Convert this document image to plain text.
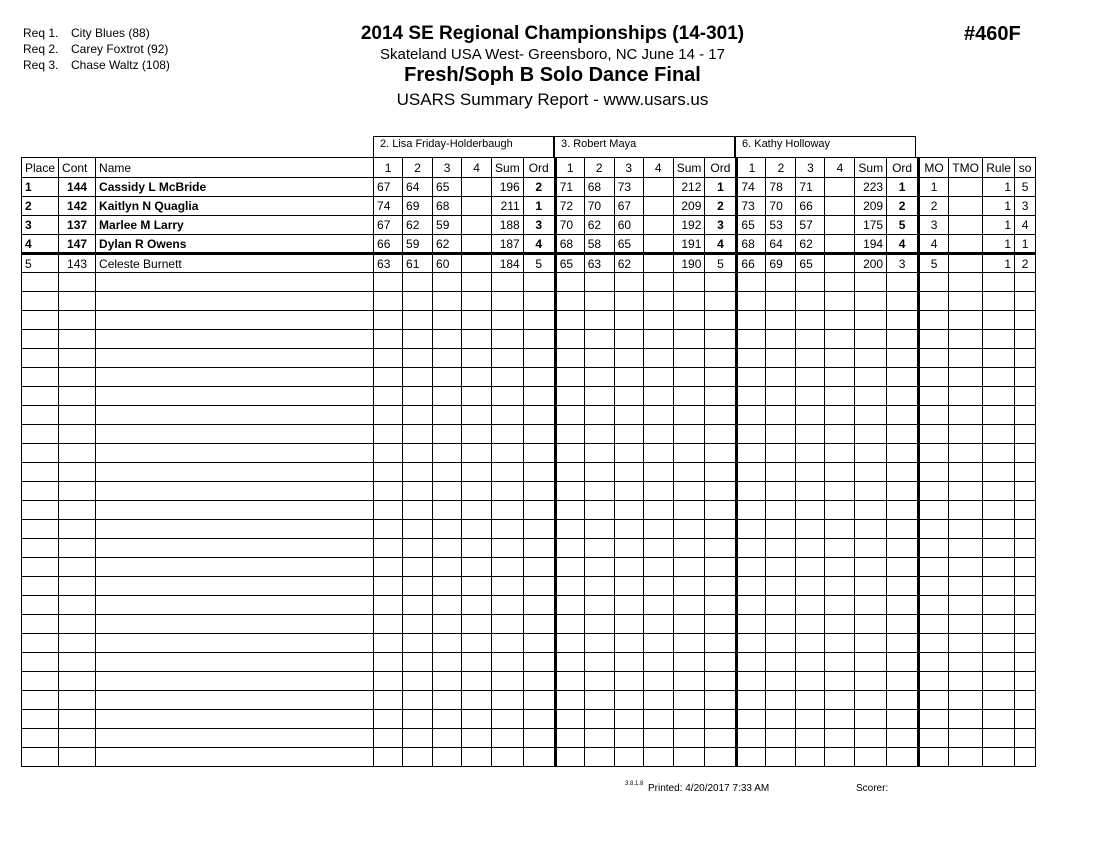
Req 1. City Blues (88)
Req 2. Carey Foxtrot (92)
Req 3. Chase Waltz (108)
2014 SE Regional Championships (14-301)
Skateland USA West- Greensboro, NC June 14 - 17
Fresh/Soph B Solo Dance Final
USARS Summary Report - www.usars.us
#460F
2. Lisa Friday-Holderbaugh	3. Robert Maya	6. Kathy Holloway
Place	Cont	Name	1	2	3	4	Sum	Ord	1	2	3	4	Sum	Ord	1	2	3	4	Sum	Ord	MO	TMO	Rule	so
1	144	Cassidy L McBride	67	64	65		196	2	71	68	73		212	1	74	78	71		223	1	1		1	5
2	142	Kaitlyn N Quaglia	74	69	68		211	1	72	70	67		209	2	73	70	66		209	2	2		1	3
3	137	Marlee M Larry	67	62	59		188	3	70	62	60		192	3	65	53	57		175	5	3		1	4
4	147	Dylan R Owens	66	59	62		187	4	68	58	65		191	4	68	64	62		194	4	4		1	1
5	143	Celeste Burnett	63	61	60		184	5	65	63	62		190	5	66	69	65		200	3	5		1	2

3.8.1.8 Printed: 4/20/2017 7:33 AM	Scorer:
